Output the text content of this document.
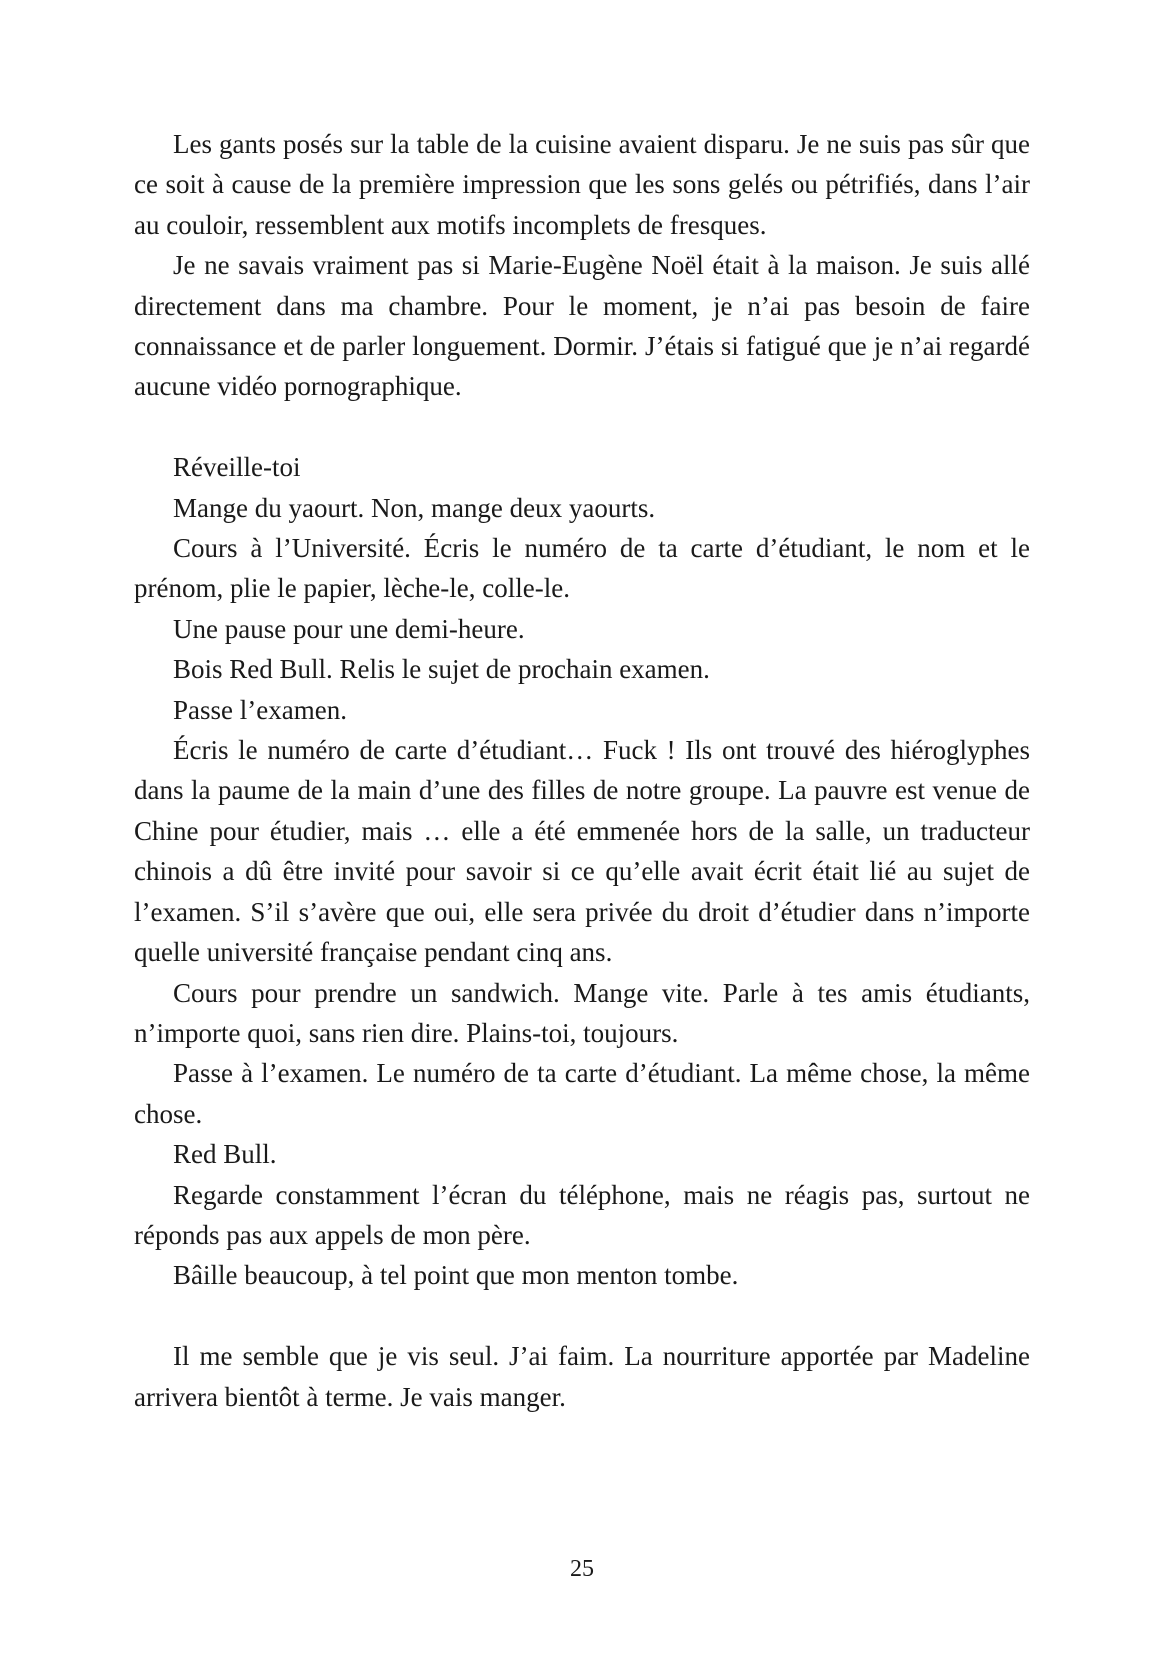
Les gants posés sur la table de la cuisine avaient disparu. Je ne suis pas sûr que ce soit à cause de la première impression que les sons gelés ou pétrifiés, dans l’air au couloir, ressemblent aux motifs incomplets de fresques.

Je ne savais vraiment pas si Marie-Eugène Noël était à la maison. Je suis allé directement dans ma chambre. Pour le moment, je n’ai pas besoin de faire connaissance et de parler longuement. Dormir. J’étais si fatigué que je n’ai regardé aucune vidéo pornographique.

Réveille-toi

Mange du yaourt. Non, mange deux yaourts.

Cours à l’Université. Écris le numéro de ta carte d’étudiant, le nom et le prénom, plie le papier, lèche-le, colle-le.

Une pause pour une demi-heure.

Bois Red Bull. Relis le sujet de prochain examen.

Passe l’examen.

Écris le numéro de carte d’étudiant… Fuck ! Ils ont trouvé des hiéroglyphes dans la paume de la main d’une des filles de notre groupe. La pauvre est venue de Chine pour étudier, mais … elle a été emmenée hors de la salle, un traducteur chinois a dû être invité pour savoir si ce qu’elle avait écrit était lié au sujet de l’examen. S’il s’avère que oui, elle sera privée du droit d’étudier dans n’importe quelle université française pendant cinq ans.

Cours pour prendre un sandwich. Mange vite. Parle à tes amis étudiants, n’importe quoi, sans rien dire. Plains-toi, toujours.

Passe à l’examen. Le numéro de ta carte d’étudiant. La même chose, la même chose.

Red Bull.

Regarde constamment l’écran du téléphone, mais ne réagis pas, surtout ne réponds pas aux appels de mon père.

Bâille beaucoup, à tel point que mon menton tombe.

Il me semble que je vis seul. J’ai faim. La nourriture apportée par Madeline arrivera bientôt à terme. Je vais manger.

25
